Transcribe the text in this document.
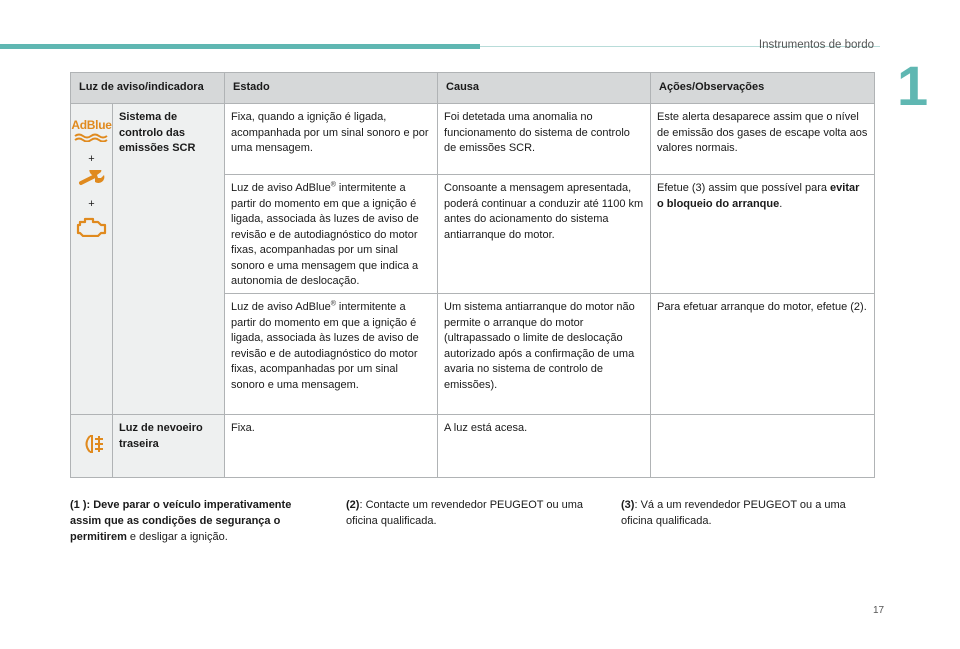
Instrumentos de bordo
1
Luz de aviso/indicadora		Estado	Causa	Ações/Observações

AdBlue
+
+	Sistema de controlo das emissões SCR	Fixa, quando a ignição é ligada, acompanhada por um sinal sonoro e por uma mensagem.	Foi detetada uma anomalia no funcionamento do sistema de controlo de emissões SCR.	Este alerta desaparece assim que o nível de emissão dos gases de escape volta aos valores normais.
		Luz de aviso AdBlue® intermitente a partir do momento em que a ignição é ligada, associada às luzes de aviso de revisão e de autodiagnóstico do motor fixas, acompanhadas por um sinal sonoro e uma mensagem que indica a autonomia de deslocação.	Consoante a mensagem apresentada, poderá continuar a conduzir até 1100 km antes do acionamento do sistema antiarranque do motor.	Efetue (3) assim que possível para evitar o bloqueio do arranque.
		Luz de aviso AdBlue® intermitente a partir do momento em que a ignição é ligada, associada às luzes de aviso de revisão e de autodiagnóstico do motor fixas, acompanhadas por um sinal sonoro e uma mensagem.	Um sistema antiarranque do motor não permite o arranque do motor (ultrapassado o limite de deslocação autorizado após a confirmação de uma avaria no sistema de controlo de emissões).	Para efetuar arranque do motor, efetue (2).

	Luz de nevoeiro traseira	Fixa.	A luz está acesa.	
(1 ): Deve parar o veículo imperativamente assim que as condições de segurança o permitirem e desligar a ignição.
(2): Contacte um revendedor PEUGEOT ou uma oficina qualificada.
(3): Vá a um revendedor PEUGEOT ou a uma oficina qualificada.
17
